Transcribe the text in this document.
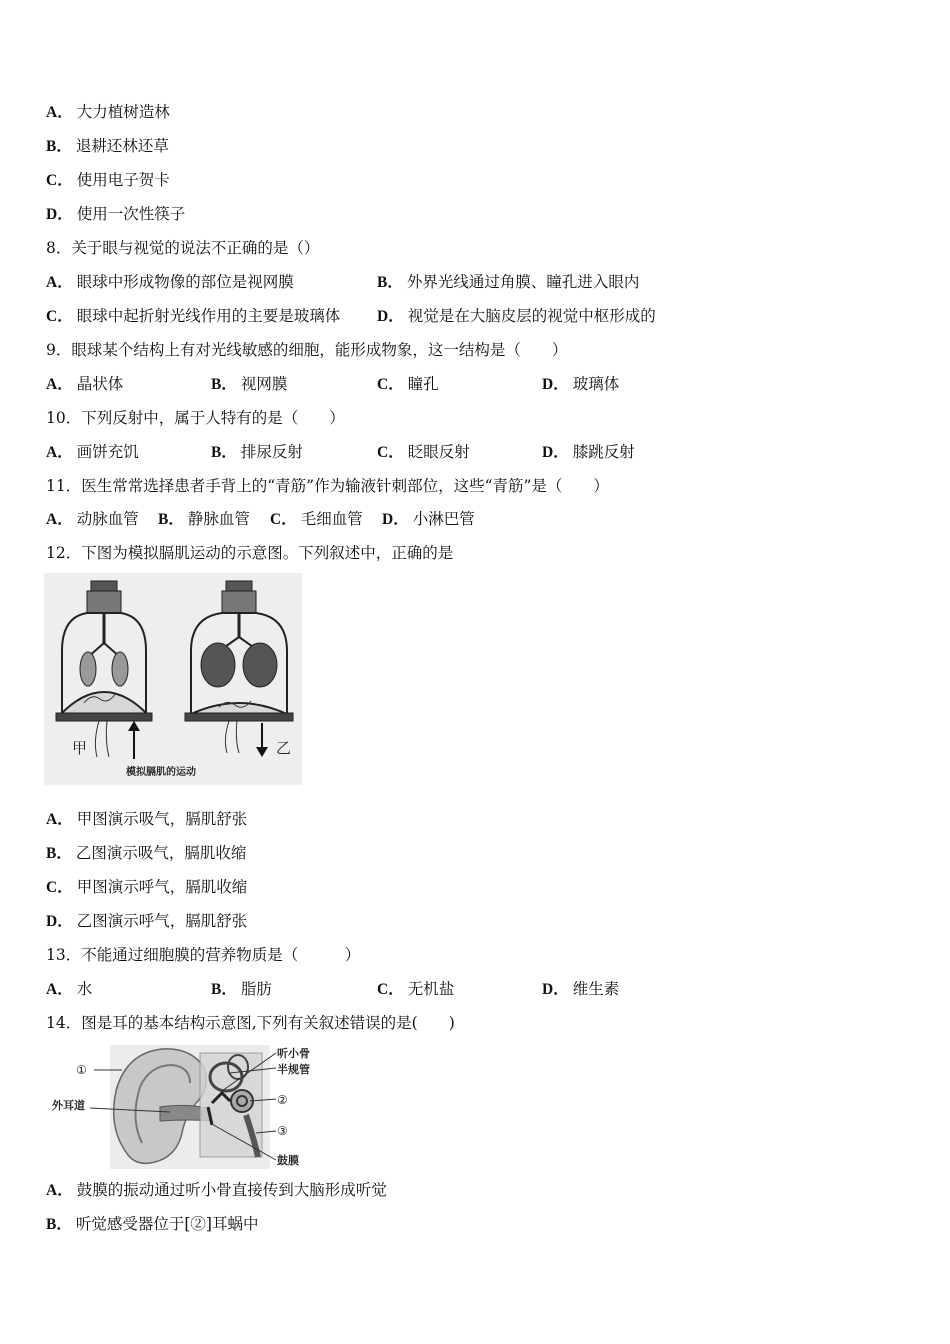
A． 大力植树造林
B． 退耕还林还草
C． 使用电子贺卡
D． 使用一次性筷子
8．关于眼与视觉的说法不正确的是（）
A． 眼球中形成物像的部位是视网膜	B． 外界光线通过角膜、瞳孔进入眼内
C． 眼球中起折射光线作用的主要是玻璃体 D． 视觉是在大脑皮层的视觉中枢形成的
9．眼球某个结构上有对光线敏感的细胞，能形成物象，这一结构是（　　）
A． 晶状体	B． 视网膜	C． 瞳孔	D． 玻璃体
10．下列反射中，属于人特有的是（　　）
A． 画饼充饥	B． 排尿反射	C． 眨眼反射	D． 膝跳反射
11．医生常常选择患者手背上的“青筋”作为输液针刺部位，这些“青筋”是（　　）
A． 动脉血管 B． 静脉血管 C． 毛细血管 D． 小淋巴管
12．下图为模拟膈肌运动的示意图。下列叙述中，正确的是
甲	乙
模拟膈肌的运动
A． 甲图演示吸气，膈肌舒张
B． 乙图演示吸气，膈肌收缩
C． 甲图演示呼气，膈肌收缩
D． 乙图演示呼气，膈肌舒张
13．不能通过细胞膜的营养物质是（　　　）
A． 水	B． 脂肪	C． 无机盐	D． 维生素
14．图是耳的基本结构示意图,下列有关叙述错误的是(　　)
①
外耳道
听小骨
半规管
②
③
鼓膜
A． 鼓膜的振动通过听小骨直接传到大脑形成听觉
B． 听觉感受器位于[②]耳蜗中
